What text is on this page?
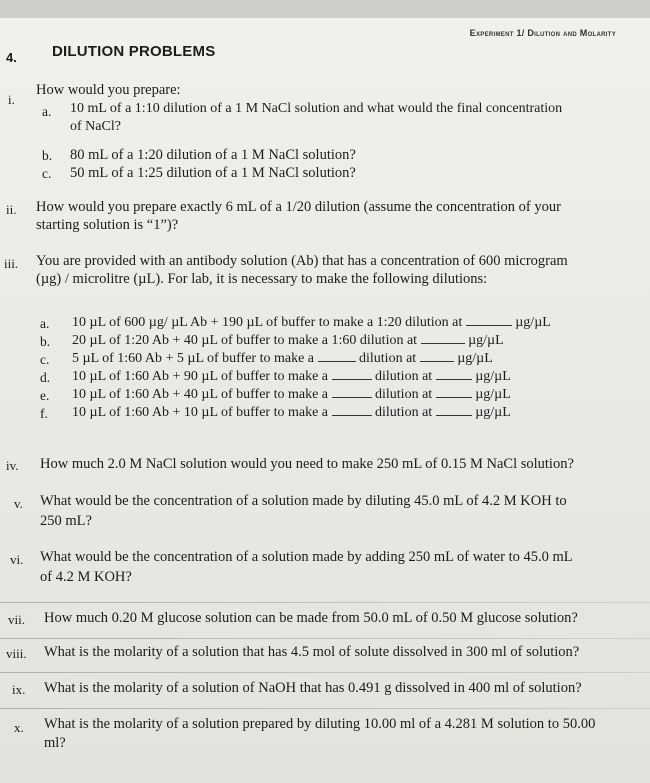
Experiment 1/ Dilution and Molarity
4. DILUTION PROBLEMS
i.
How would you prepare:
a. 10 mL of a 1:10 dilution of a 1 M NaCl solution and what would the final concentration
of NaCl?
b. 80 mL of a 1:20 dilution of a 1 M NaCl solution?
c. 50 mL of a 1:25 dilution of a 1 M NaCl solution?
ii. How would you prepare exactly 6 mL of a 1/20 dilution (assume the concentration of your
starting solution is “1”)?
iii. You are provided with an antibody solution (Ab) that has a concentration of 600 microgram
(µg) / microlitre (µL). For lab, it is necessary to make the following dilutions:
a. 10 µL of 600 µg/ µL Ab + 190 µL of buffer to make a 1:20 dilution at	µg/µL
b. 20 µL of 1:20 Ab + 40 µL of buffer to make a 1:60 dilution at	µg/µL
c. 5 µL of 1:60 Ab + 5 µL of buffer to make a	dilution at	µg/µL
d. 10 µL of 1:60 Ab + 90 µL of buffer to make a	dilution at	µg/µL
e. 10 µL of 1:60 Ab + 40 µL of buffer to make a	dilution at	µg/µL
f. 10 µL of 1:60 Ab + 10 µL of buffer to make a	dilution at	µg/µL
iv. How much 2.0 M NaCl solution would you need to make 250 mL of 0.15 M NaCl solution?
v. What would be the concentration of a solution made by diluting 45.0 mL of 4.2 M KOH to
250 mL?
vi. What would be the concentration of a solution made by adding 250 mL of water to 45.0 mL
of 4.2 M KOH?
vii. How much 0.20 M glucose solution can be made from 50.0 mL of 0.50 M glucose solution?
viii. What is the molarity of a solution that has 4.5 mol of solute dissolved in 300 ml of solution?
ix. What is the molarity of a solution of NaOH that has 0.491 g dissolved in 400 ml of solution?
x. What is the molarity of a solution prepared by diluting 10.00 ml of a 4.281 M solution to 50.00
ml?
